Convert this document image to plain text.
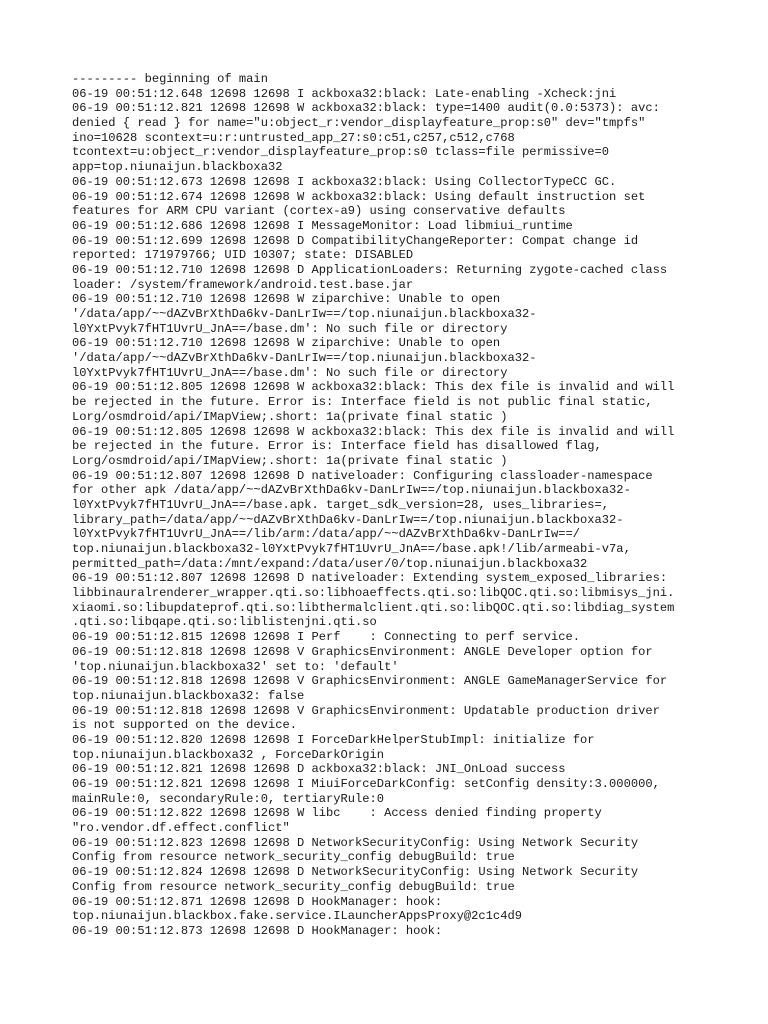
--------- beginning of main
06-19 00:51:12.648 12698 12698 I ackboxa32:black: Late-enabling -Xcheck:jni
06-19 00:51:12.821 12698 12698 W ackboxa32:black: type=1400 audit(0.0:5373): avc:
denied { read } for name="u:object_r:vendor_displayfeature_prop:s0" dev="tmpfs"
ino=10628 scontext=u:r:untrusted_app_27:s0:c51,c257,c512,c768
tcontext=u:object_r:vendor_displayfeature_prop:s0 tclass=file permissive=0
app=top.niunaijun.blackboxa32
06-19 00:51:12.673 12698 12698 I ackboxa32:black: Using CollectorTypeCC GC.
06-19 00:51:12.674 12698 12698 W ackboxa32:black: Using default instruction set
features for ARM CPU variant (cortex-a9) using conservative defaults
06-19 00:51:12.686 12698 12698 I MessageMonitor: Load libmiui_runtime
06-19 00:51:12.699 12698 12698 D CompatibilityChangeReporter: Compat change id
reported: 171979766; UID 10307; state: DISABLED
06-19 00:51:12.710 12698 12698 D ApplicationLoaders: Returning zygote-cached class
loader: /system/framework/android.test.base.jar
06-19 00:51:12.710 12698 12698 W ziparchive: Unable to open
'/data/app/~~dAZvBrXthDa6kv-DanLrIw==/top.niunaijun.blackboxa32-
l0YxtPvyk7fHT1UvrU_JnA==/base.dm': No such file or directory
06-19 00:51:12.710 12698 12698 W ziparchive: Unable to open
'/data/app/~~dAZvBrXthDa6kv-DanLrIw==/top.niunaijun.blackboxa32-
l0YxtPvyk7fHT1UvrU_JnA==/base.dm': No such file or directory
06-19 00:51:12.805 12698 12698 W ackboxa32:black: This dex file is invalid and will
be rejected in the future. Error is: Interface field is not public final static,
Lorg/osmdroid/api/IMapView;.short: 1a(private final static )
06-19 00:51:12.805 12698 12698 W ackboxa32:black: This dex file is invalid and will
be rejected in the future. Error is: Interface field has disallowed flag,
Lorg/osmdroid/api/IMapView;.short: 1a(private final static )
06-19 00:51:12.807 12698 12698 D nativeloader: Configuring classloader-namespace
for other apk /data/app/~~dAZvBrXthDa6kv-DanLrIw==/top.niunaijun.blackboxa32-
l0YxtPvyk7fHT1UvrU_JnA==/base.apk. target_sdk_version=28, uses_libraries=,
library_path=/data/app/~~dAZvBrXthDa6kv-DanLrIw==/top.niunaijun.blackboxa32-
l0YxtPvyk7fHT1UvrU_JnA==/lib/arm:/data/app/~~dAZvBrXthDa6kv-DanLrIw==/
top.niunaijun.blackboxa32-l0YxtPvyk7fHT1UvrU_JnA==/base.apk!/lib/armeabi-v7a,
permitted_path=/data:/mnt/expand:/data/user/0/top.niunaijun.blackboxa32
06-19 00:51:12.807 12698 12698 D nativeloader: Extending system_exposed_libraries:
libbinauralrenderer_wrapper.qti.so:libhoaeffects.qti.so:libQOC.qti.so:libmisys_jni.
xiaomi.so:libupdateprof.qti.so:libthermalclient.qti.so:libQOC.qti.so:libdiag_system
.qti.so:libqape.qti.so:liblistenjni.qti.so
06-19 00:51:12.815 12698 12698 I Perf    : Connecting to perf service.
06-19 00:51:12.818 12698 12698 V GraphicsEnvironment: ANGLE Developer option for
'top.niunaijun.blackboxa32' set to: 'default'
06-19 00:51:12.818 12698 12698 V GraphicsEnvironment: ANGLE GameManagerService for
top.niunaijun.blackboxa32: false
06-19 00:51:12.818 12698 12698 V GraphicsEnvironment: Updatable production driver
is not supported on the device.
06-19 00:51:12.820 12698 12698 I ForceDarkHelperStubImpl: initialize for
top.niunaijun.blackboxa32 , ForceDarkOrigin
06-19 00:51:12.821 12698 12698 D ackboxa32:black: JNI_OnLoad success
06-19 00:51:12.821 12698 12698 I MiuiForceDarkConfig: setConfig density:3.000000,
mainRule:0, secondaryRule:0, tertiaryRule:0
06-19 00:51:12.822 12698 12698 W libc    : Access denied finding property
"ro.vendor.df.effect.conflict"
06-19 00:51:12.823 12698 12698 D NetworkSecurityConfig: Using Network Security
Config from resource network_security_config debugBuild: true
06-19 00:51:12.824 12698 12698 D NetworkSecurityConfig: Using Network Security
Config from resource network_security_config debugBuild: true
06-19 00:51:12.871 12698 12698 D HookManager: hook:
top.niunaijun.blackbox.fake.service.ILauncherAppsProxy@2c1c4d9
06-19 00:51:12.873 12698 12698 D HookManager: hook:
